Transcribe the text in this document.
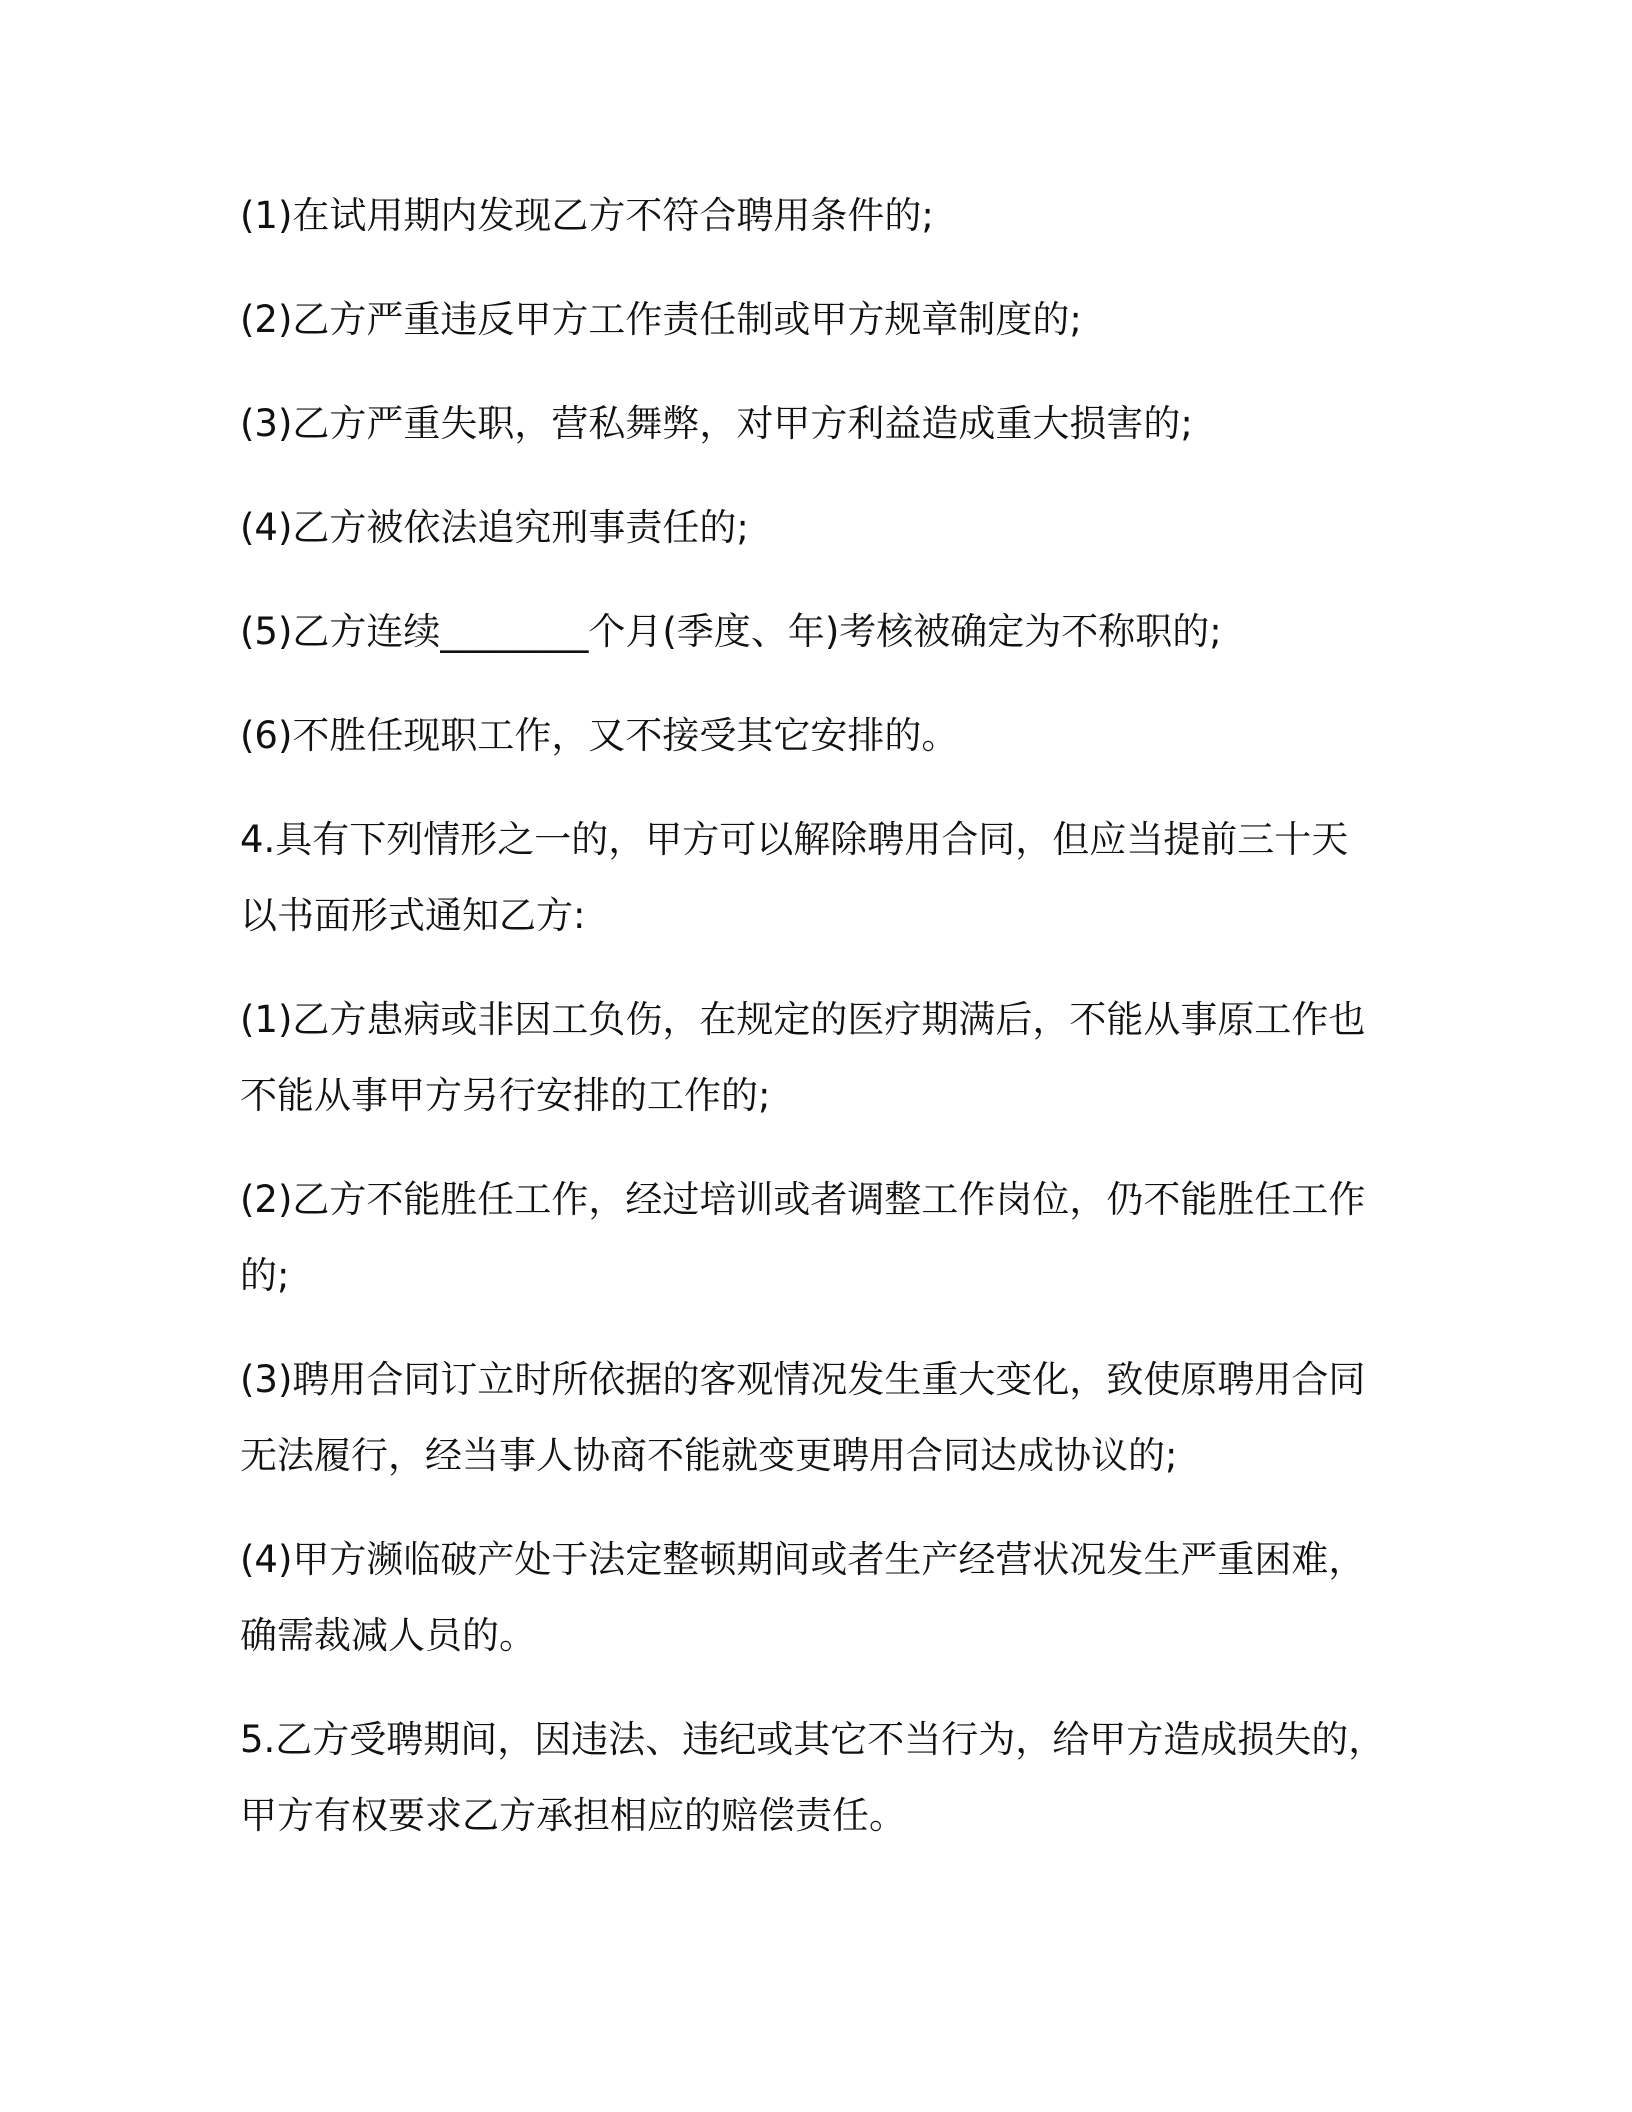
(1)在试用期内发现乙方不符合聘用条件的;

(2)乙方严重违反甲方工作责任制或甲方规章制度的;

(3)乙方严重失职，营私舞弊，对甲方利益造成重大损害的;

(4)乙方被依法追究刑事责任的;

(5)乙方连续________个月(季度、年)考核被确定为不称职的;

(6)不胜任现职工作，又不接受其它安排的。

4.具有下列情形之一的，甲方可以解除聘用合同，但应当提前三十天
以书面形式通知乙方:

(1)乙方患病或非因工负伤，在规定的医疗期满后，不能从事原工作也
不能从事甲方另行安排的工作的;

(2)乙方不能胜任工作，经过培训或者调整工作岗位，仍不能胜任工作
的;

(3)聘用合同订立时所依据的客观情况发生重大变化，致使原聘用合同
无法履行，经当事人协商不能就变更聘用合同达成协议的;

(4)甲方濒临破产处于法定整顿期间或者生产经营状况发生严重困难，
确需裁减人员的。

5.乙方受聘期间，因违法、违纪或其它不当行为，给甲方造成损失的，
甲方有权要求乙方承担相应的赔偿责任。
